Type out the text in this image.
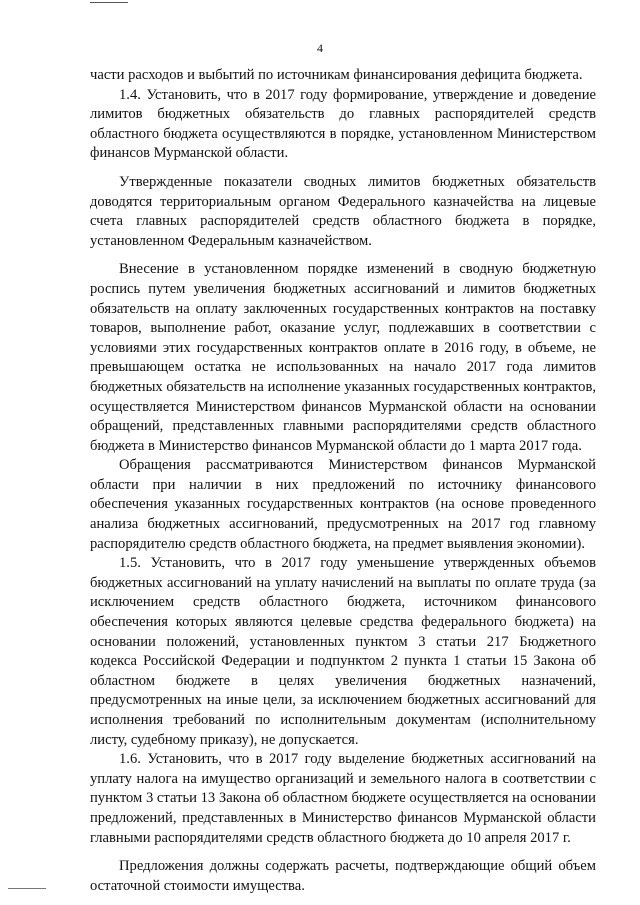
4

части расходов и выбытий по источникам финансирования дефицита бюджета.

1.4. Установить, что в 2017 году формирование, утверждение и доведение лимитов бюджетных обязательств до главных распорядителей средств областного бюджета осуществляются в порядке, установленном Министерством финансов Мурманской области.

Утвержденные показатели сводных лимитов бюджетных обязательств доводятся территориальным органом Федерального казначейства на лицевые счета главных распорядителей средств областного бюджета в порядке, установленном Федеральным казначейством.

Внесение в установленном порядке изменений в сводную бюджетную роспись путем увеличения бюджетных ассигнований и лимитов бюджетных обязательств на оплату заключенных государственных контрактов на поставку товаров, выполнение работ, оказание услуг, подлежавших в соответствии с условиями этих государственных контрактов оплате в 2016 году, в объеме, не превышающем остатка не использованных на начало 2017 года лимитов бюджетных обязательств на исполнение указанных государственных контрактов, осуществляется Министерством финансов Мурманской области на основании обращений, представленных главными распорядителями средств областного бюджета в Министерство финансов Мурманской области до 1 марта 2017 года.

Обращения рассматриваются Министерством финансов Мурманской области при наличии в них предложений по источнику финансового обеспечения указанных государственных контрактов (на основе проведенного анализа бюджетных ассигнований, предусмотренных на 2017 год главному распорядителю средств областного бюджета, на предмет выявления экономии).

1.5. Установить, что в 2017 году уменьшение утвержденных объемов бюджетных ассигнований на уплату начислений на выплаты по оплате труда (за исключением средств областного бюджета, источником финансового обеспечения которых являются целевые средства федерального бюджета) на основании положений, установленных пунктом 3 статьи 217 Бюджетного кодекса Российской Федерации и подпунктом 2 пункта 1 статьи 15 Закона об областном бюджете в целях увеличения бюджетных назначений, предусмотренных на иные цели, за исключением бюджетных ассигнований для исполнения требований по исполнительным документам (исполнительному листу, судебному приказу), не допускается.

1.6. Установить, что в 2017 году выделение бюджетных ассигнований на уплату налога на имущество организаций и земельного налога в соответствии с пунктом 3 статьи 13 Закона об областном бюджете осуществляется на основании предложений, представленных в Министерство финансов Мурманской области главными распорядителями средств областного бюджета до 10 апреля 2017 г.

Предложения должны содержать расчеты, подтверждающие общий объем остаточной стоимости имущества.
